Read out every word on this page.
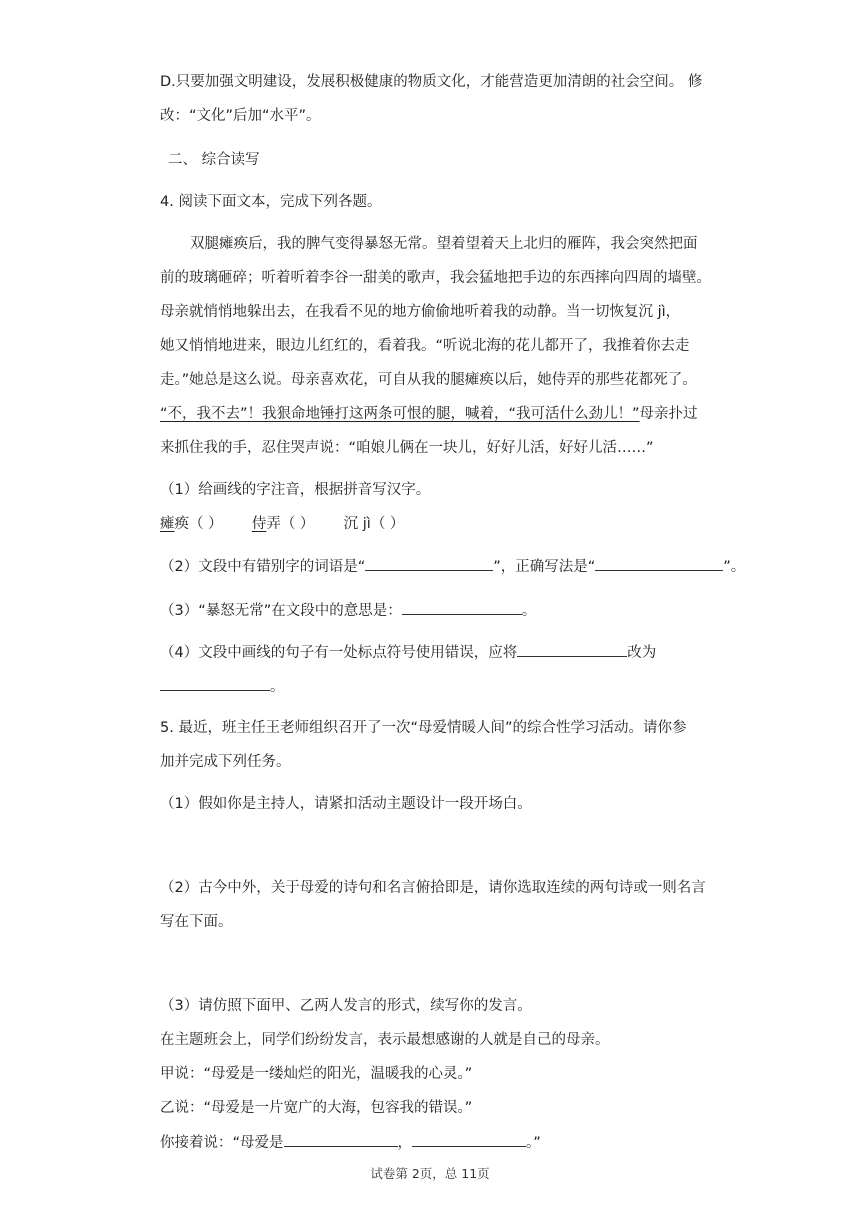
D.只要加强文明建设，发展积极健康的物质文化，才能营造更加清朗的社会空间。 修
改：“文化”后加“水平”。
二、 综合读写
4. 阅读下面文本，完成下列各题。
双腿瘫痪后，我的脾气变得暴怒无常。望着望着天上北归的雁阵，我会突然把面
前的玻璃砸碎；听着听着李谷一甜美的歌声，我会猛地把手边的东西摔向四周的墙壁。
母亲就悄悄地躲出去，在我看不见的地方偷偷地听着我的动静。当一切恢复沉 jì，
她又悄悄地进来，眼边儿红红的，看着我。“听说北海的花儿都开了，我推着你去走
走。”她总是这么说。母亲喜欢花，可自从我的腿瘫痪以后，她侍弄的那些花都死了。
“不，我不去”！我狠命地锤打这两条可恨的腿，喊着，“我可活什么劲儿！”母亲扑过
来抓住我的手，忍住哭声说：“咱娘儿俩在一块儿，好好儿活，好好儿活……”
（1）给画线的字注音，根据拼音写汉字。
瘫痪（ ） 侍弄（ ） 沉 jì（ ）
（2）文段中有错别字的词语是“	”，正确写法是“	”。
（3）“暴怒无常”在文段中的意思是：	。
（4）文段中画线的句子有一处标点符号使用错误，应将	改为
。
5. 最近，班主任王老师组织召开了一次“母爱情暖人间”的综合性学习活动。请你参
加并完成下列任务。
（1）假如你是主持人，请紧扣活动主题设计一段开场白。
（2）古今中外，关于母爱的诗句和名言俯拾即是，请你选取连续的两句诗或一则名言
写在下面。
（3）请仿照下面甲、乙两人发言的形式，续写你的发言。
在主题班会上，同学们纷纷发言，表示最想感谢的人就是自己的母亲。
甲说：“母爱是一缕灿烂的阳光，温暖我的心灵。”
乙说：“母爱是一片宽广的大海，包容我的错误。”
你接着说：“母爱是	，	。”
试卷第 2页，总 11页
